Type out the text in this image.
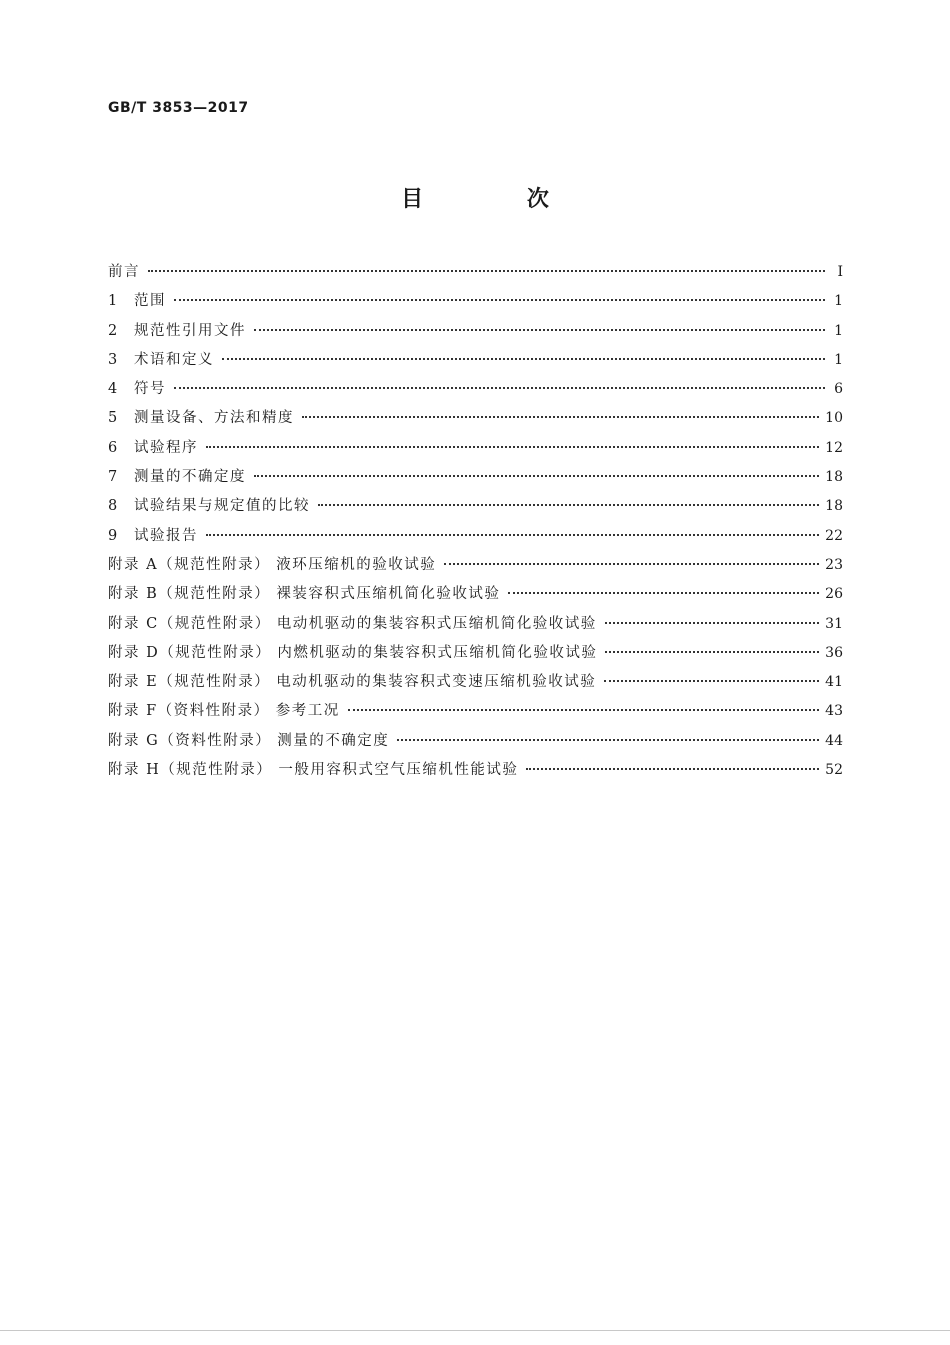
GB/T 3853—2017
目 次
前言	Ⅰ
1	范围	1
2	规范性引用文件	1
3	术语和定义	1
4	符号	6
5	测量设备、方法和精度	10
6	试验程序	12
7	测量的不确定度	18
8	试验结果与规定值的比较	18
9	试验报告	22
附录 A（规范性附录） 液环压缩机的验收试验	23
附录 B（规范性附录） 裸装容积式压缩机简化验收试验	26
附录 C（规范性附录） 电动机驱动的集装容积式压缩机简化验收试验	31
附录 D（规范性附录） 内燃机驱动的集装容积式压缩机简化验收试验	36
附录 E（规范性附录） 电动机驱动的集装容积式变速压缩机验收试验	41
附录 F（资料性附录） 参考工况	43
附录 G（资料性附录） 测量的不确定度	44
附录 H（规范性附录） 一般用容积式空气压缩机性能试验	52
